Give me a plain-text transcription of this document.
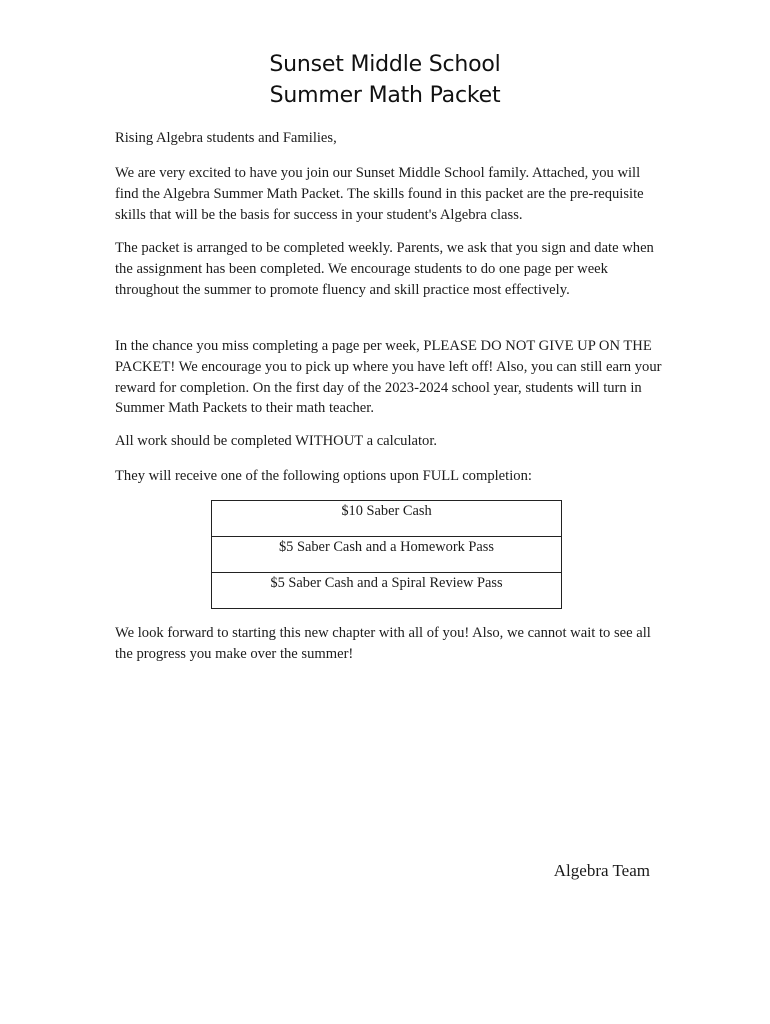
Sunset Middle School
Summer Math Packet
Rising Algebra students and Families,
We are very excited to have you join our Sunset Middle School family. Attached, you will find the Algebra Summer Math Packet. The skills found in this packet are the pre-requisite skills that will be the basis for success in your student's Algebra class.
The packet is arranged to be completed weekly. Parents, we ask that you sign and date when the assignment has been completed. We encourage students to do one page per week throughout the summer to promote fluency and skill practice most effectively.
In the chance you miss completing a page per week, PLEASE DO NOT GIVE UP ON THE PACKET! We encourage you to pick up where you have left off! Also, you can still earn your reward for completion. On the first day of the 2023-2024 school year, students will turn in Summer Math Packets to their math teacher.
All work should be completed WITHOUT a calculator.
They will receive one of the following options upon FULL completion:
$10 Saber Cash
$5 Saber Cash and a Homework Pass
$5 Saber Cash and a Spiral Review Pass
We look forward to starting this new chapter with all of you! Also, we cannot wait to see all the progress you make over the summer!
Algebra Team
